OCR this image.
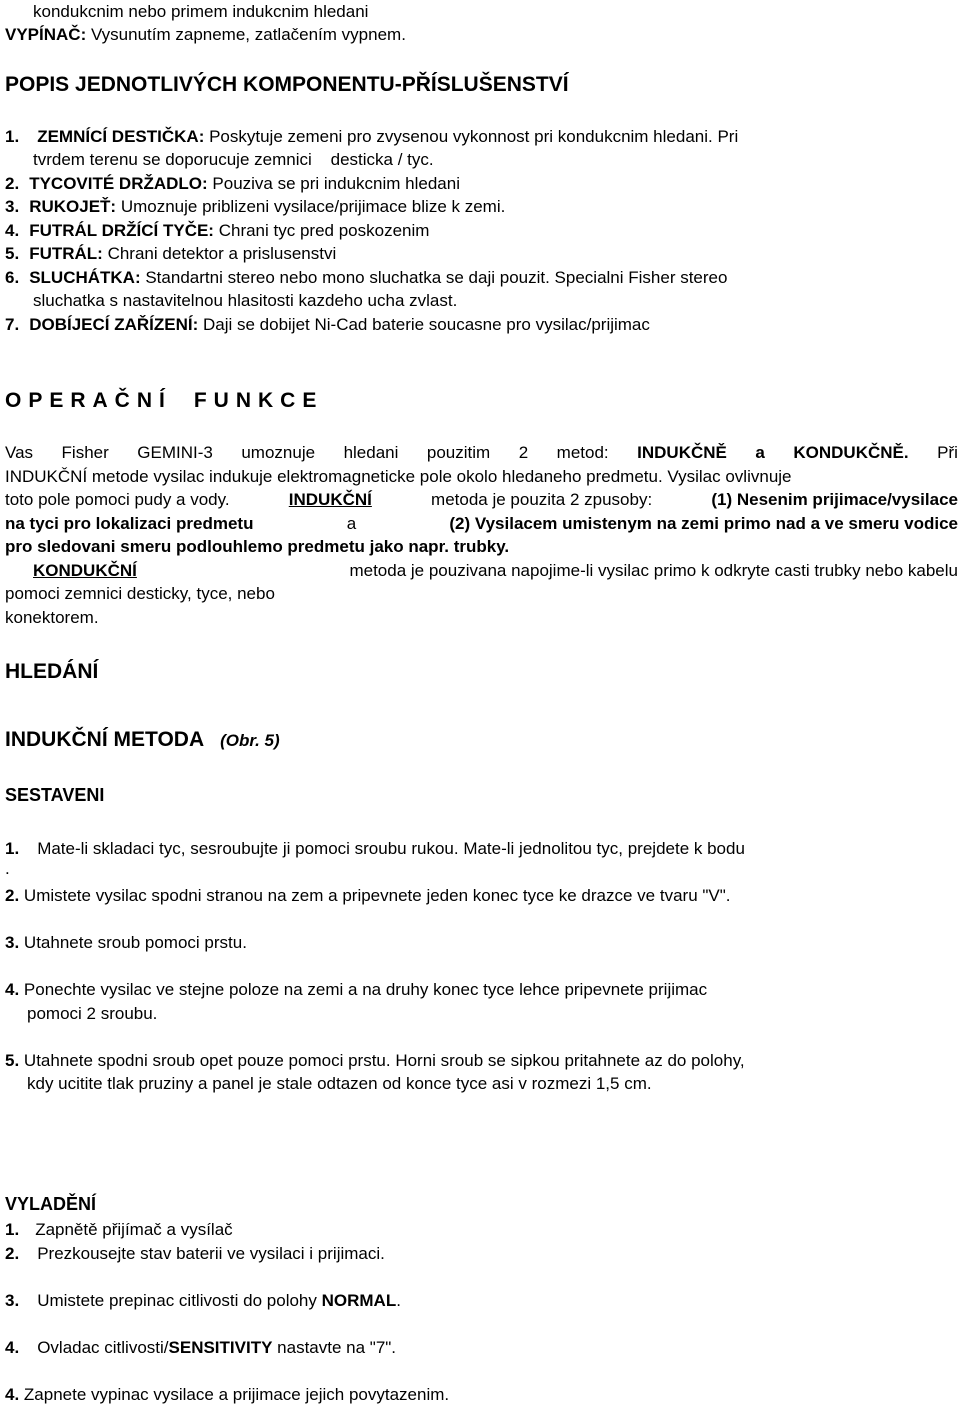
kondukcnim nebo primem indukcnim hledani
VYPÍNAČ: Vysunutím zapneme, zatlačením vypnem.
POPIS JEDNOTLIVÝCH KOMPONENTU-PŘÍSLUŠENSTVÍ
1. ZEMNÍCÍ DESTIČKA: Poskytuje zemeni pro zvysenou vykonnost pri kondukcnim hledani. Pri
tvrdem terenu se doporucuje zemnici    desticka / tyc.
2. TYCOVITÉ DRŽADLO: Pouziva se pri indukcnim hledani
3. RUKOJEŤ: Umoznuje priblizeni vysilace/prijimace blize k zemi.
4. FUTRÁL DRŽÍCÍ TYČE: Chrani tyc pred poskozenim
5. FUTRÁL: Chrani detektor a prislusenstvi
6. SLUCHÁTKA: Standartni stereo nebo mono sluchatka se daji pouzit. Specialni Fisher stereo
sluchatka s nastavitelnou hlasitosti kazdeho ucha zvlast.
7. DOBÍJECÍ ZAŘÍZENÍ: Daji se dobijet Ni-Cad baterie soucasne pro vysilac/prijimac
OPERAČNÍ FUNKCE
Vas Fisher GEMINI-3 umoznuje hledani pouzitim 2 metod: INDUKČNĚ a KONDUKČNĚ. Při
INDUKČNÍ metode vysilac indukuje elektromagneticke pole okolo hledaneho predmetu. Vysilac ovlivnuje
toto pole pomoci pudy a vody.	INDUKČNÍ	metoda je pouzita 2 zpusoby:	(1) Nesenim prijimace/vysilace
na tyci pro lokalizaci predmetu	a	(2) Vysilacem umistenym na zemi primo nad a ve smeru vodice
pro sledovani smeru podlouhlemo predmetu jako napr. trubky.
KONDUKČNÍ	metoda je pouzivana napojime-li vysilac primo k odkryte casti trubky nebo kabelu
pomoci zemnici desticky, tyce, nebo
konektorem.
HLEDÁNÍ
INDUKČNÍ METODA (Obr. 5)
SESTAVENI
1. Mate-li skladaci tyc, sesroubujte ji pomoci sroubu rukou. Mate-li jednolitou tyc, prejdete k bodu
.
2. Umistete vysilac spodni stranou na zem a pripevnete jeden konec tyce ke drazce ve tvaru "V".
3. Utahnete sroub pomoci prstu.
4. Ponechte vysilac ve stejne poloze na zemi a na druhy konec tyce lehce pripevnete prijimac
pomoci 2 sroubu.
5. Utahnete spodni sroub opet pouze pomoci prstu. Horni sroub se sipkou pritahnete az do polohy,
kdy ucitite tlak pruziny a panel je stale odtazen od konce tyce asi v rozmezi 1,5 cm.
VYLADĚNÍ
1. Zapnětě přijímač a vysílač
2. Prezkousejte stav baterii ve vysilaci i prijimaci.
3. Umistete prepinac citlivosti do polohy NORMAL.
4. Ovladac citlivosti/SENSITIVITY nastavte na "7".
4. Zapnete vypinac vysilace a prijimace jejich povytazenim.
